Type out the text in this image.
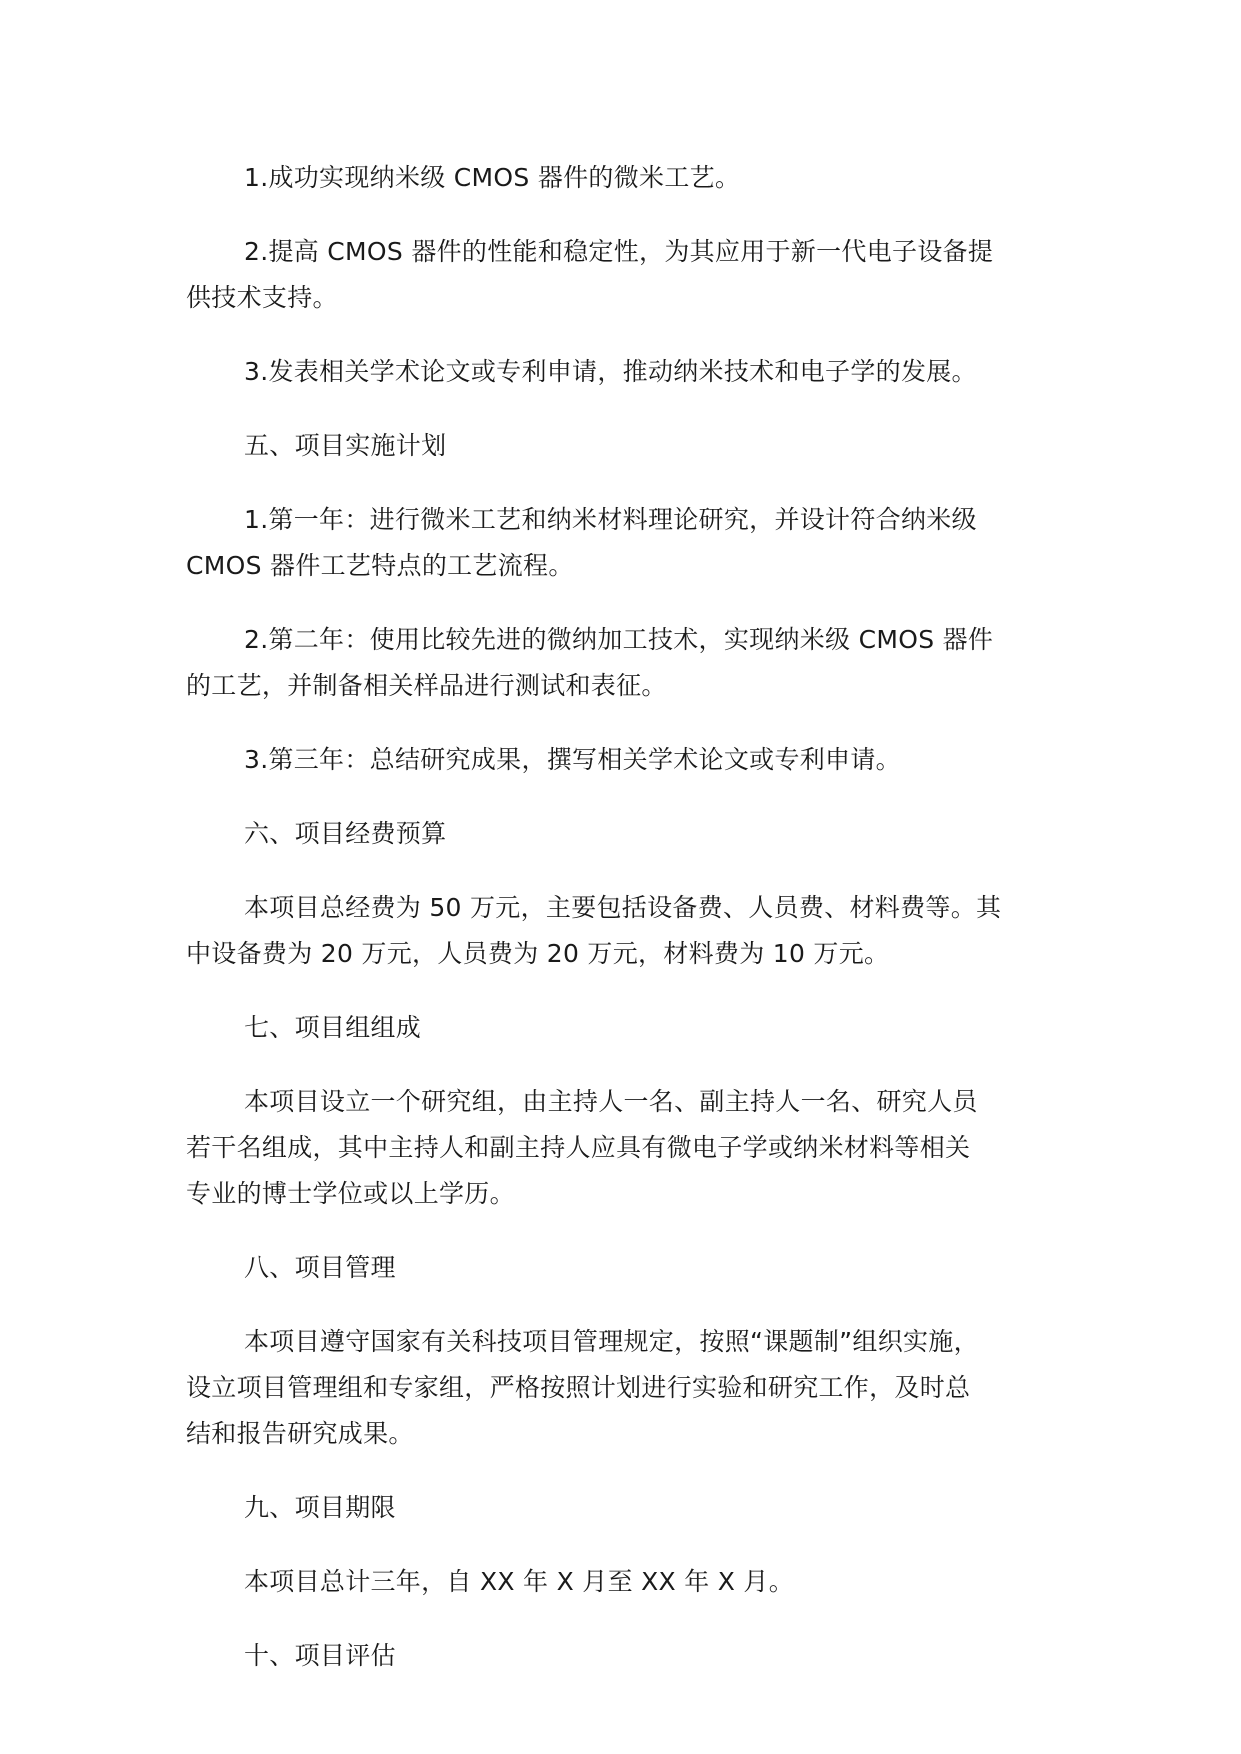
1.成功实现纳米级 CMOS 器件的微米工艺。

2.提高 CMOS 器件的性能和稳定性，为其应用于新一代电子设备提
供技术支持。

3.发表相关学术论文或专利申请，推动纳米技术和电子学的发展。

五、项目实施计划

1.第一年：进行微米工艺和纳米材料理论研究，并设计符合纳米级
CMOS 器件工艺特点的工艺流程。

2.第二年：使用比较先进的微纳加工技术，实现纳米级 CMOS 器件
的工艺，并制备相关样品进行测试和表征。

3.第三年：总结研究成果，撰写相关学术论文或专利申请。

六、项目经费预算

本项目总经费为 50 万元，主要包括设备费、人员费、材料费等。其
中设备费为 20 万元，人员费为 20 万元，材料费为 10 万元。

七、项目组组成

本项目设立一个研究组，由主持人一名、副主持人一名、研究人员
若干名组成，其中主持人和副主持人应具有微电子学或纳米材料等相关
专业的博士学位或以上学历。

八、项目管理

本项目遵守国家有关科技项目管理规定，按照“课题制”组织实施，
设立项目管理组和专家组，严格按照计划进行实验和研究工作，及时总
结和报告研究成果。

九、项目期限

本项目总计三年，自 XX 年 X 月至 XX 年 X 月。

十、项目评估
